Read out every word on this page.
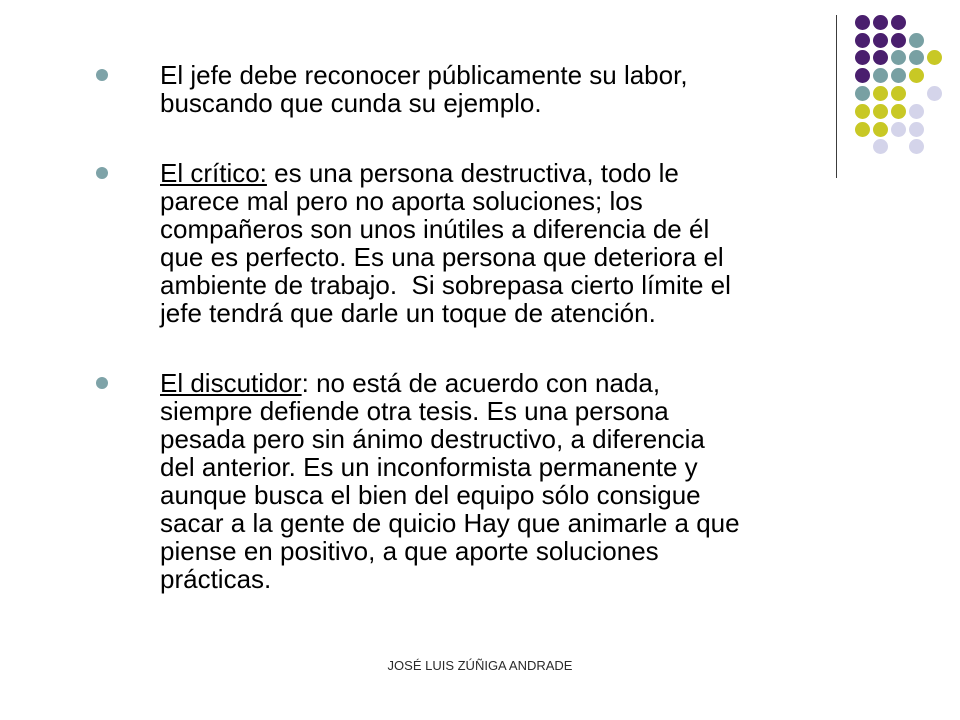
El jefe debe reconocer públicamente su labor,
buscando que cunda su ejemplo.
El crítico: es una persona destructiva, todo le
parece mal pero no aporta soluciones; los
compañeros son unos inútiles a diferencia de él
que es perfecto. Es una persona que deteriora el
ambiente de trabajo.  Si sobrepasa cierto límite el
jefe tendrá que darle un toque de atención.
El discutidor: no está de acuerdo con nada,
siempre defiende otra tesis. Es una persona
pesada pero sin ánimo destructivo, a diferencia
del anterior. Es un inconformista permanente y
aunque busca el bien del equipo sólo consigue
sacar a la gente de quicio Hay que animarle a que
piense en positivo, a que aporte soluciones
prácticas.
JOSÉ LUIS ZÚÑIGA ANDRADE
